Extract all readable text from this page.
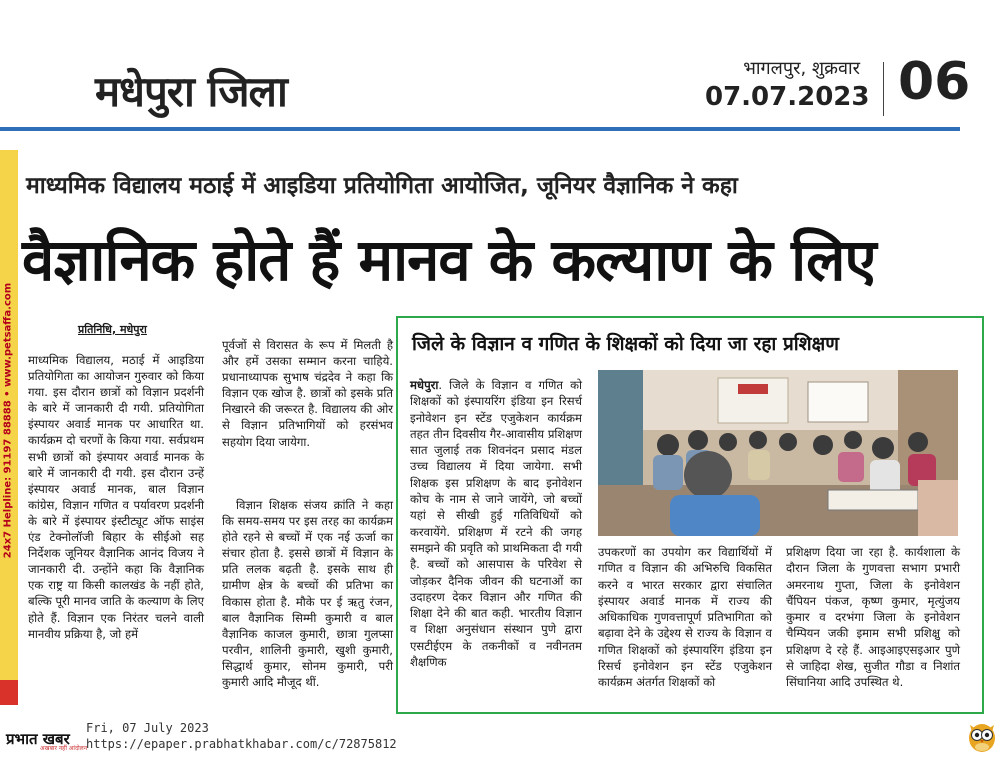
मधेपुरा जिला	भागलपुर, शुक्रवार
07.07.2023 06
24x7 Helpline: 91197 88888 • www.petsaffa.com
माध्यमिक विद्यालय मठाई में आइडिया प्रतियोगिता आयोजित, जूनियर वैज्ञानिक ने कहा
वैज्ञानिक होते हैं मानव के कल्याण के लिए
प्रतिनिधि, मधेपुरा
माध्यमिक विद्यालय, मठाई में आइडिया प्रतियोगिता का आयोजन गुरुवार को किया गया. इस दौरान छात्रों को विज्ञान प्रदर्शनी के बारे में जानकारी दी गयी. प्रतियोगिता इंस्पायर अवार्ड मानक पर आधारित था. कार्यक्रम दो चरणों के किया गया. सर्वप्रथम सभी छात्रों को इंस्पायर अवार्ड मानक के बारे में जानकारी दी गयी. इस दौरान उन्हें इंस्पायर अवार्ड मानक, बाल विज्ञान कांग्रेस, विज्ञान गणित व पर्यावरण प्रदर्शनी के बारे में इंस्पायर इंस्टीट्यूट ऑफ साइंस एंड टेक्नोलॉजी बिहार के सीईओ सह निर्देशक जूनियर वैज्ञानिक आनंद विजय ने जानकारी दी. उन्होंने कहा कि वैज्ञानिक एक राष्ट्र या किसी कालखंड के नहीं होते, बल्कि पूरी मानव जाति के कल्याण के लिए होते हैं. विज्ञान एक निरंतर चलने वाली मानवीय प्रक्रिया है, जो हमें
पूर्वजों से विरासत के रूप में मिलती है और हमें उसका सम्मान करना चाहिये. प्रधानाध्यापक सुभाष चंद्रदेव ने कहा कि विज्ञान एक खोज है. छात्रों को इसके प्रति निखारने की जरूरत है. विद्यालय की ओर से विज्ञान प्रतिभागियों को हरसंभव सहयोग दिया जायेगा.
विज्ञान शिक्षक संजय क्रांति ने कहा कि समय-समय पर इस तरह का कार्यक्रम होते रहने से बच्चों में एक नई ऊर्जा का संचार होता है. इससे छात्रों में विज्ञान के प्रति ललक बढ़ती है. इसके साथ ही ग्रामीण क्षेत्र के बच्चों की प्रतिभा का विकास होता है. मौके पर ई ऋतु रंजन, बाल वैज्ञानिक सिम्मी कुमारी व बाल वैज्ञानिक काजल कुमारी, छात्रा गुलप्सा परवीन, शालिनी कुमारी, खुशी कुमारी, सिद्धार्थ कुमार, सोनम कुमारी, परी कुमारी आदि मौजूद थीं.
जिले के विज्ञान व गणित के शिक्षकों को दिया जा रहा प्रशिक्षण
मधेपुरा. जिले के विज्ञान व गणित को शिक्षकों को इंस्पायरिंग इंडिया इन रिसर्च इनोवेशन इन स्टेंड एजुकेशन कार्यक्रम तहत तीन दिवसीय गैर-आवासीय प्रशिक्षण सात जुलाई तक शिवनंदन प्रसाद मंडल उच्च विद्यालय में दिया जायेगा. सभी शिक्षक इस प्रशिक्षण के बाद इनोवेशन कोच के नाम से जाने जायेंगे, जो बच्चों यहां से सीखी हुई गतिविधियों को करवायेंगे. प्रशिक्षण में रटने की जगह समझने की प्रवृति को प्राथमिकता दी गयी है. बच्चों को आसपास के परिवेश से जोड़कर दैनिक जीवन की घटनाओं का उदाहरण देकर विज्ञान और गणित की शिक्षा देने की बात कही. भारतीय विज्ञान व शिक्षा अनुसंधान संस्थान पुणे द्वारा एसटीईएम के तकनीकों व नवीनतम शैक्षणिक
उपकरणों का उपयोग कर विद्यार्थियों में गणित व विज्ञान की अभिरुचि विकसित करने व भारत सरकार द्वारा संचालित इंस्पायर अवार्ड मानक में राज्य की अधिकाधिक गुणवत्तापूर्ण प्रतिभागिता को बढ़ावा देने के उद्देश्य से राज्य के विज्ञान व गणित शिक्षकों को इंस्पायरिंग इंडिया इन रिसर्च इनोवेशन इन स्टेंड एजुकेशन कार्यक्रम अंतर्गत शिक्षकों को
प्रशिक्षण दिया जा रहा है. कार्यशाला के दौरान जिला के गुणवत्ता सभाग प्रभारी अमरनाथ गुप्ता, जिला के इनोवेशन चैंपियन पंकज, कृष्ण कुमार, मृत्युंजय कुमार व दरभंगा जिला के इनोवेशन चैम्पियन जकी इमाम सभी प्रशिक्षु को प्रशिक्षण दे रहे हैं. आइआइएसइआर पुणे से जाहिदा शेख, सुजीत गौडा व निशांत सिंघानिया आदि उपस्थित थे.
प्रभात खबर
अखबार नहीं आंदोलन
Fri, 07 July 2023
https://epaper.prabhatkhabar.com/c/72875812
